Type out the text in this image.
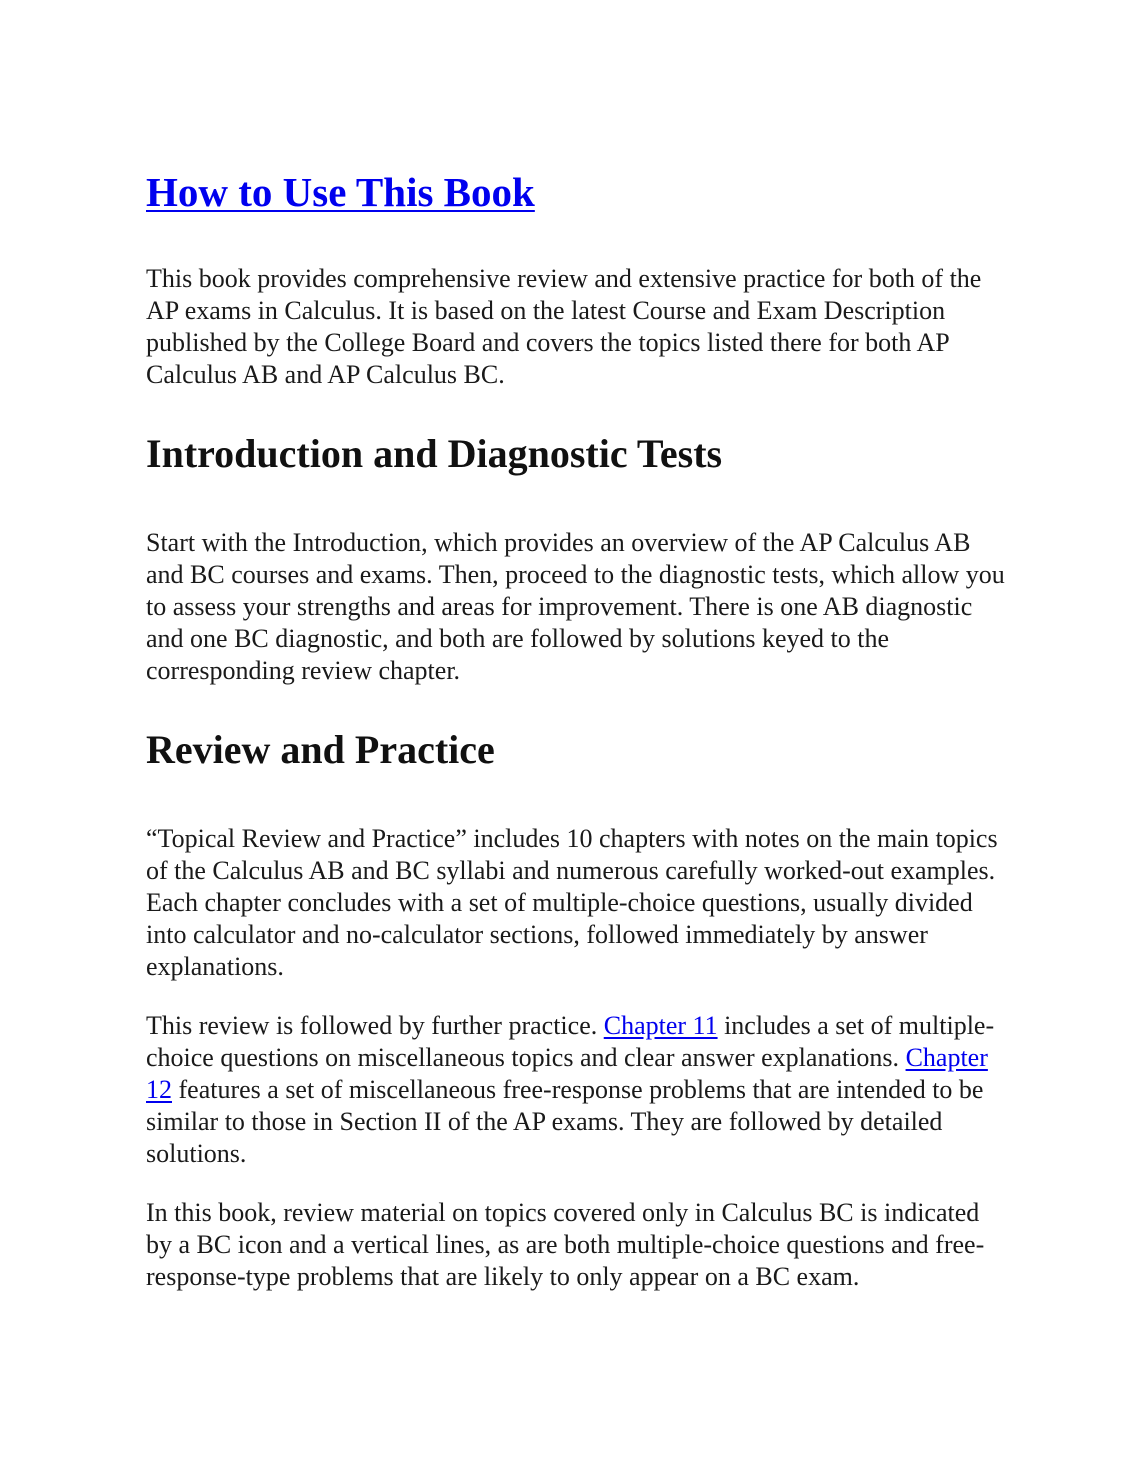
How to Use This Book

This book provides comprehensive review and extensive practice for both of the AP exams in Calculus. It is based on the latest Course and Exam Description published by the College Board and covers the topics listed there for both AP Calculus AB and AP Calculus BC.

Introduction and Diagnostic Tests

Start with the Introduction, which provides an overview of the AP Calculus AB and BC courses and exams. Then, proceed to the diagnostic tests, which allow you to assess your strengths and areas for improvement. There is one AB diagnostic and one BC diagnostic, and both are followed by solutions keyed to the corresponding review chapter.

Review and Practice

“Topical Review and Practice” includes 10 chapters with notes on the main topics of the Calculus AB and BC syllabi and numerous carefully worked-out examples. Each chapter concludes with a set of multiple-choice questions, usually divided into calculator and no-calculator sections, followed immediately by answer explanations.

This review is followed by further practice. Chapter 11 includes a set of multiple-choice questions on miscellaneous topics and clear answer explanations. Chapter 12 features a set of miscellaneous free-response problems that are intended to be similar to those in Section II of the AP exams. They are followed by detailed solutions.

In this book, review material on topics covered only in Calculus BC is indicated by a BC icon and a vertical lines, as are both multiple-choice questions and free-response-type problems that are likely to only appear on a BC exam.
